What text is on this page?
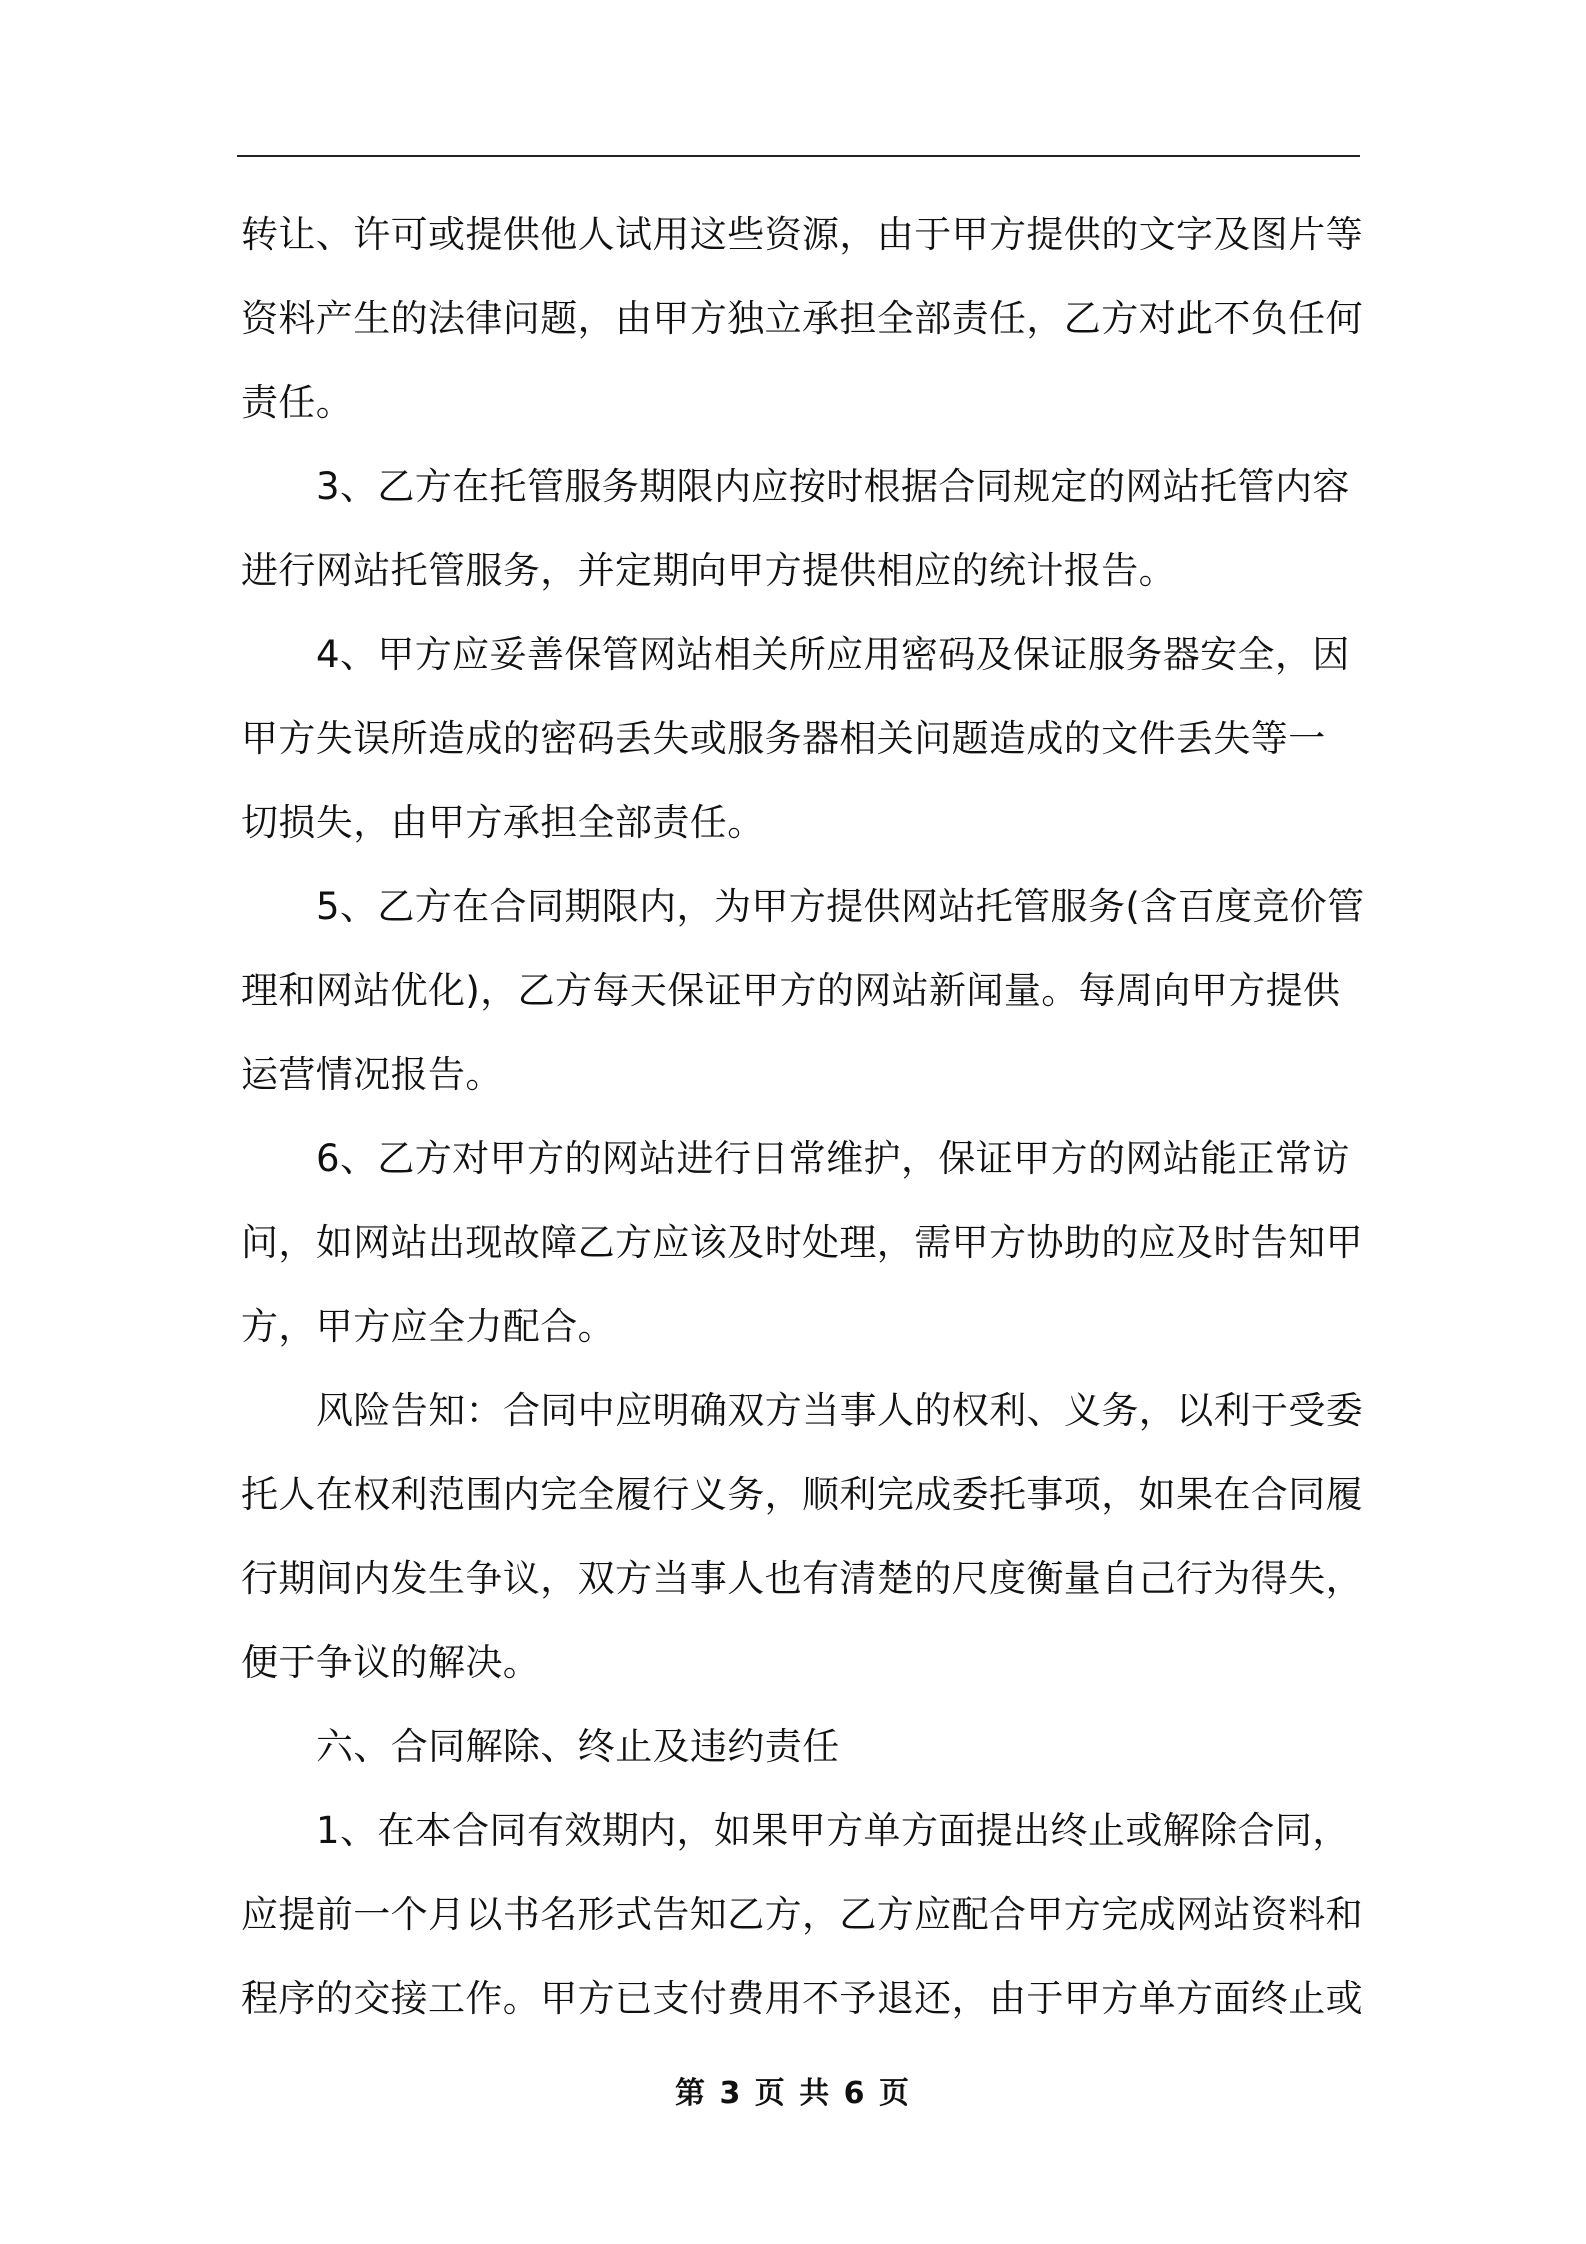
转让、许可或提供他人试用这些资源，由于甲方提供的文字及图片等
资料产生的法律问题，由甲方独立承担全部责任，乙方对此不负任何
责任。
3、乙方在托管服务期限内应按时根据合同规定的网站托管内容
进行网站托管服务，并定期向甲方提供相应的统计报告。
4、甲方应妥善保管网站相关所应用密码及保证服务器安全，因
甲方失误所造成的密码丢失或服务器相关问题造成的文件丢失等一
切损失，由甲方承担全部责任。
5、乙方在合同期限内，为甲方提供网站托管服务(含百度竞价管
理和网站优化)，乙方每天保证甲方的网站新闻量。每周向甲方提供
运营情况报告。
6、乙方对甲方的网站进行日常维护，保证甲方的网站能正常访
问，如网站出现故障乙方应该及时处理，需甲方协助的应及时告知甲
方，甲方应全力配合。
风险告知：合同中应明确双方当事人的权利、义务，以利于受委
托人在权利范围内完全履行义务，顺利完成委托事项，如果在合同履
行期间内发生争议，双方当事人也有清楚的尺度衡量自己行为得失，
便于争议的解决。
六、合同解除、终止及违约责任
1、在本合同有效期内，如果甲方单方面提出终止或解除合同，
应提前一个月以书名形式告知乙方，乙方应配合甲方完成网站资料和
程序的交接工作。甲方已支付费用不予退还，由于甲方单方面终止或
第 3 页 共 6 页
